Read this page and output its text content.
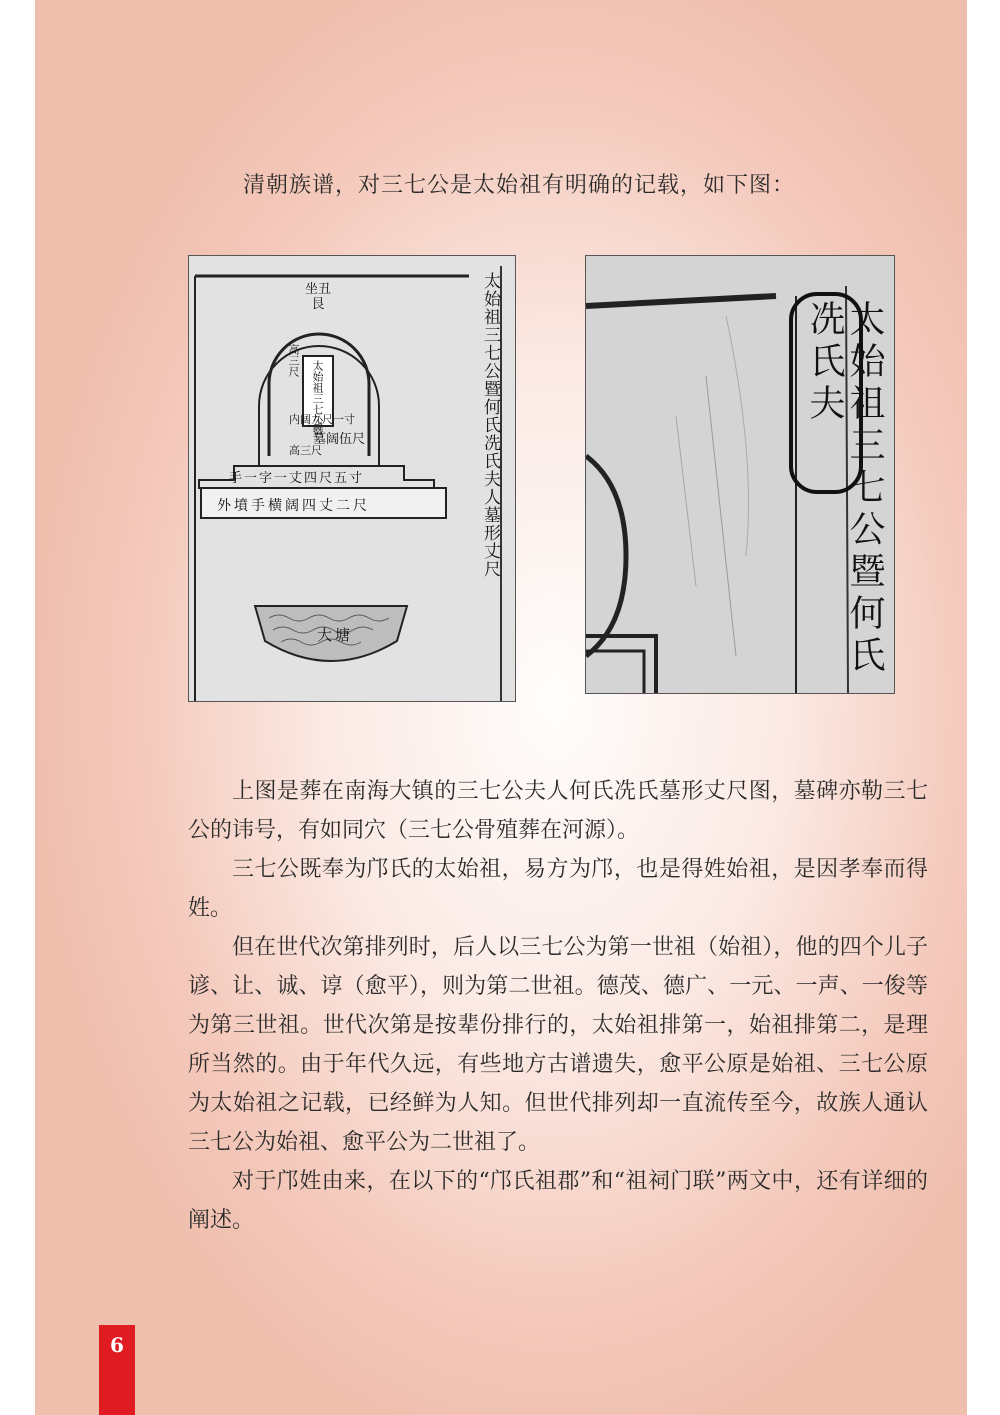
清朝族谱，对三七公是太始祖有明确的记载，如下图：

太始祖三七公暨何氏冼氏夫人墓形丈尺
坐丑艮
太始祖三七公暨
高三尺
内阔九尺一寸
墓阔伍尺
高三尺
手一字一丈四尺五寸
外墳手横阔四丈二尺
大塘	太始祖三七公暨何氏冼氏夫

上图是葬在南海大镇的三七公夫人何氏冼氏墓形丈尺图，墓碑亦勒三七公的讳号，有如同穴（三七公骨殖葬在河源）。

三七公既奉为邝氏的太始祖，易方为邝，也是得姓始祖，是因孝奉而得姓。

但在世代次第排列时，后人以三七公为第一世祖（始祖），他的四个儿子谚、让、诚、谆（愈平），则为第二世祖。德茂、德广、一元、一声、一俊等为第三世祖。世代次第是按辈份排行的，太始祖排第一，始祖排第二，是理所当然的。由于年代久远，有些地方古谱遗失，愈平公原是始祖、三七公原为太始祖之记载，已经鲜为人知。但世代排列却一直流传至今，故族人通认三七公为始祖、愈平公为二世祖了。

对于邝姓由来，在以下的“邝氏祖郡”和“祖祠门联”两文中，还有详细的阐述。

6
